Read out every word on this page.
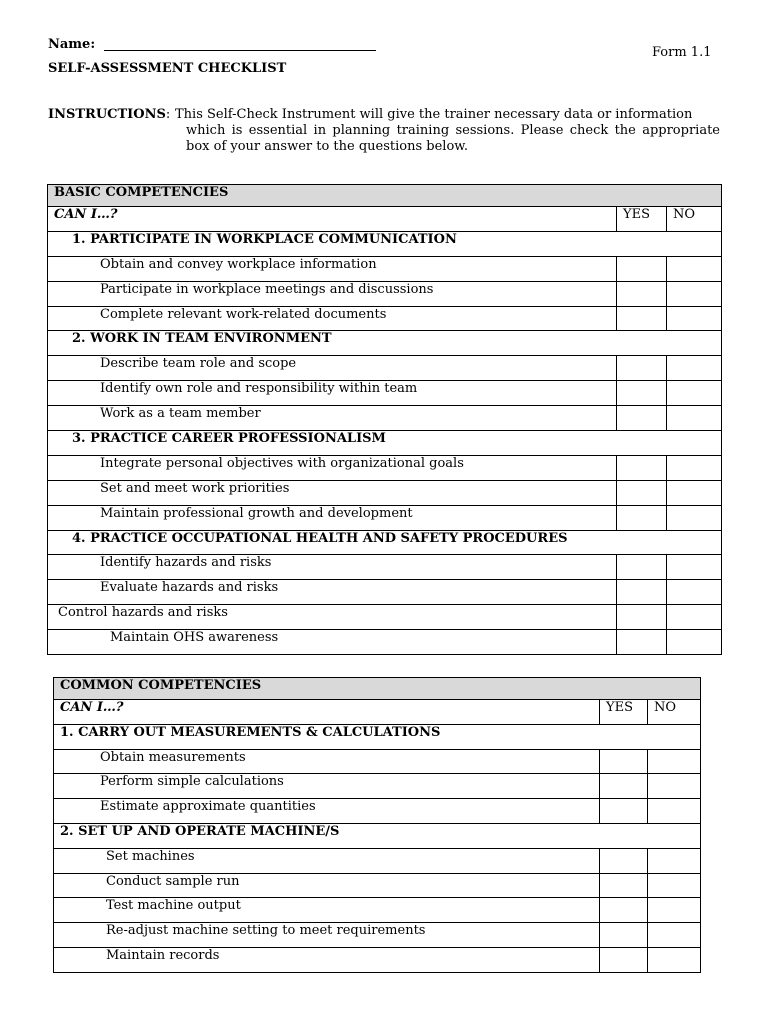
Name:
Form 1.1
SELF-ASSESSMENT CHECKLIST
INSTRUCTIONS: This Self-Check Instrument will give the trainer necessary data or information
which is essential in planning training sessions. Please check the appropriate box of your answer to the questions below.
BASIC COMPETENCIES		
CAN I…?	YES	NO
1. PARTICIPATE IN WORKPLACE COMMUNICATION		
Obtain and convey workplace information		
Participate in workplace meetings and discussions		
Complete relevant work-related documents		
2. WORK IN TEAM ENVIRONMENT		
Describe team role and scope		
Identify own role and responsibility within team		
Work as a team member		
3. PRACTICE CAREER PROFESSIONALISM		
Integrate personal objectives with organizational goals		
Set and meet work priorities		
Maintain professional growth and development		
4. PRACTICE OCCUPATIONAL HEALTH AND SAFETY PROCEDURES		
Identify hazards and risks		
Evaluate hazards and risks		
Control hazards and risks		
Maintain OHS awareness		
COMMON COMPETENCIES		
CAN I…?	YES	NO
1. CARRY OUT MEASUREMENTS & CALCULATIONS		
Obtain measurements		
Perform simple calculations		
Estimate approximate quantities		
2. SET UP AND OPERATE MACHINE/S		
Set machines		
Conduct sample run		
Test machine output		
Re-adjust machine setting to meet requirements		
Maintain records		
